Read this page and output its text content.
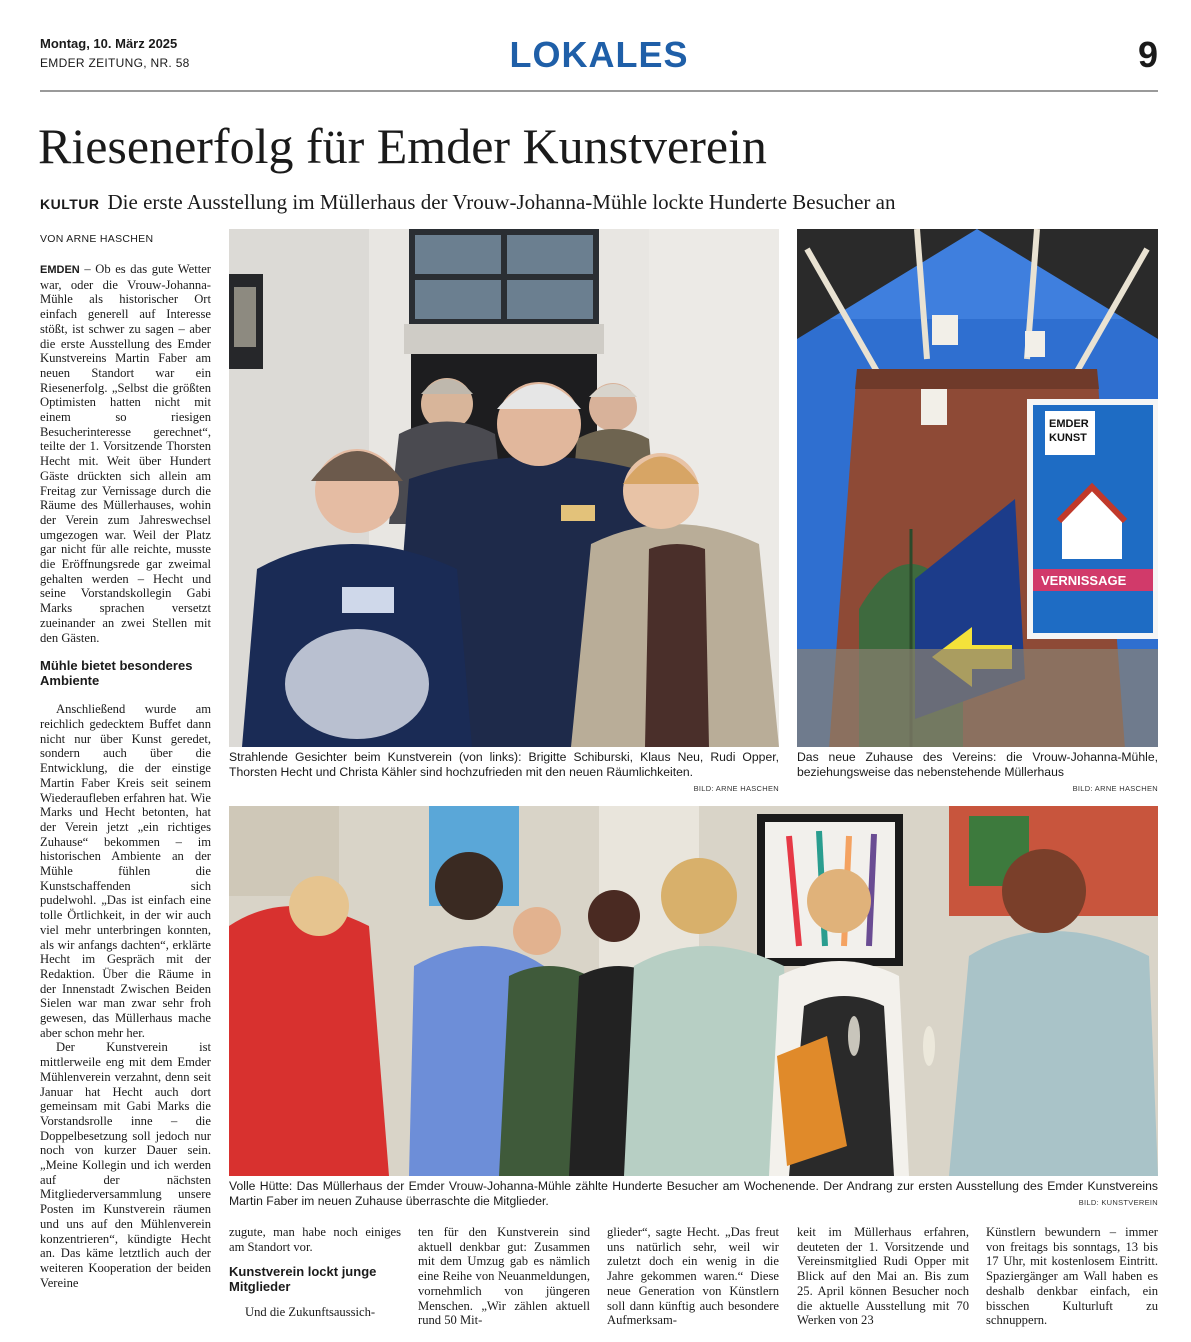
Montag, 10. März 2025
EMDER ZEITUNG, NR. 58	LOKALES	9
Riesenerfolg für Emder Kunstverein
KULTUR Die erste Ausstellung im Müllerhaus der Vrouw-Johanna-Mühle lockte Hunderte Besucher an
VON ARNE HASCHEN

EMDEN – Ob es das gute Wetter war, oder die Vrouw-Johanna-Mühle als historischer Ort einfach generell auf Interesse stößt, ist schwer zu sagen – aber die erste Ausstellung des Emder Kunstvereins Martin Faber am neuen Standort war ein Riesenerfolg. „Selbst die größten Optimisten hatten nicht mit einem so riesigen Besucherinteresse gerechnet“, teilte der 1. Vorsitzende Thorsten Hecht mit. Weit über Hundert Gäste drückten sich allein am Freitag zur Vernissage durch die Räume des Müllerhauses, wohin der Verein zum Jahreswechsel umgezogen war. Weil der Platz gar nicht für alle reichte, musste die Eröffnungsrede gar zweimal gehalten werden – Hecht und seine Vorstandskollegin Gabi Marks sprachen versetzt zueinander an zwei Stellen mit den Gästen.

Mühle bietet besonderes Ambiente

Anschließend wurde am reichlich gedecktem Buffet dann nicht nur über Kunst geredet, sondern auch über die Entwicklung, die der einstige Martin Faber Kreis seit seinem Wiederaufleben erfahren hat. Wie Marks und Hecht betonten, hat der Verein jetzt „ein richtiges Zuhause“ bekommen – im historischen Ambiente an der Mühle fühlen die Kunstschaffenden sich pudelwohl. „Das ist einfach eine tolle Örtlichkeit, in der wir auch viel mehr unterbringen konnten, als wir anfangs dachten“, erklärte Hecht im Gespräch mit der Redaktion. Über die Räume in der Innenstadt Zwischen Beiden Sielen war man zwar sehr froh gewesen, das Müllerhaus mache aber schon mehr her.

Der Kunstverein ist mittlerweile eng mit dem Emder Mühlenverein verzahnt, denn seit Januar hat Hecht auch dort gemeinsam mit Gabi Marks die Vorstandsrolle inne – die Doppelbesetzung soll jedoch nur noch von kurzer Dauer sein. „Meine Kollegin und ich werden auf der nächsten Mitgliederversammlung unsere Posten im Kunstverein räumen und uns auf den Mühlenverein konzentrieren“, kündigte Hecht an. Das käme letztlich auch der weiteren Kooperation der beiden Vereine

Strahlende Gesichter beim Kunstverein (von links): Brigitte Schiburski, Klaus Neu, Rudi Opper, Thorsten Hecht und Christa Kähler sind hochzufrieden mit den neuen Räumlichkeiten.
BILD: ARNE HASCHEN
EMDER
KUNST
VERNISSAGE
Das neue Zuhause des Vereins: die Vrouw-Johanna-Mühle, beziehungsweise das nebenstehende Müllerhaus
BILD: ARNE HASCHEN
Volle Hütte: Das Müllerhaus der Emder Vrouw-Johanna-Mühle zählte Hunderte Besucher am Wochenende. Der Andrang zur ersten Ausstellung des Emder Kunstvereins Martin Faber im neuen Zuhause überraschte die Mitglieder.	BILD: KUNSTVEREIN

zugute, man habe noch einiges am Standort vor.

Kunstverein lockt junge Mitglieder

Und die Zukunftsaussich-

ten für den Kunstverein sind aktuell denkbar gut: Zusammen mit dem Umzug gab es nämlich eine Reihe von Neuanmeldungen, vornehmlich von jüngeren Menschen. „Wir zählen aktuell rund 50 Mit-

glieder“, sagte Hecht. „Das freut uns natürlich sehr, weil wir zuletzt doch ein wenig in die Jahre gekommen waren.“ Diese neue Generation von Künstlern soll dann künftig auch besondere Aufmerksam-

keit im Müllerhaus erfahren, deuteten der 1. Vorsitzende und Vereinsmitglied Rudi Opper mit Blick auf den Mai an. Bis zum 25. April können Besucher noch die aktuelle Ausstellung mit 70 Werken von 23

Künstlern bewundern – immer von freitags bis sonntags, 13 bis 17 Uhr, mit kostenlosem Eintritt. Spaziergänger am Wall haben es deshalb denkbar einfach, ein bisschen Kulturluft zu schnuppern.
